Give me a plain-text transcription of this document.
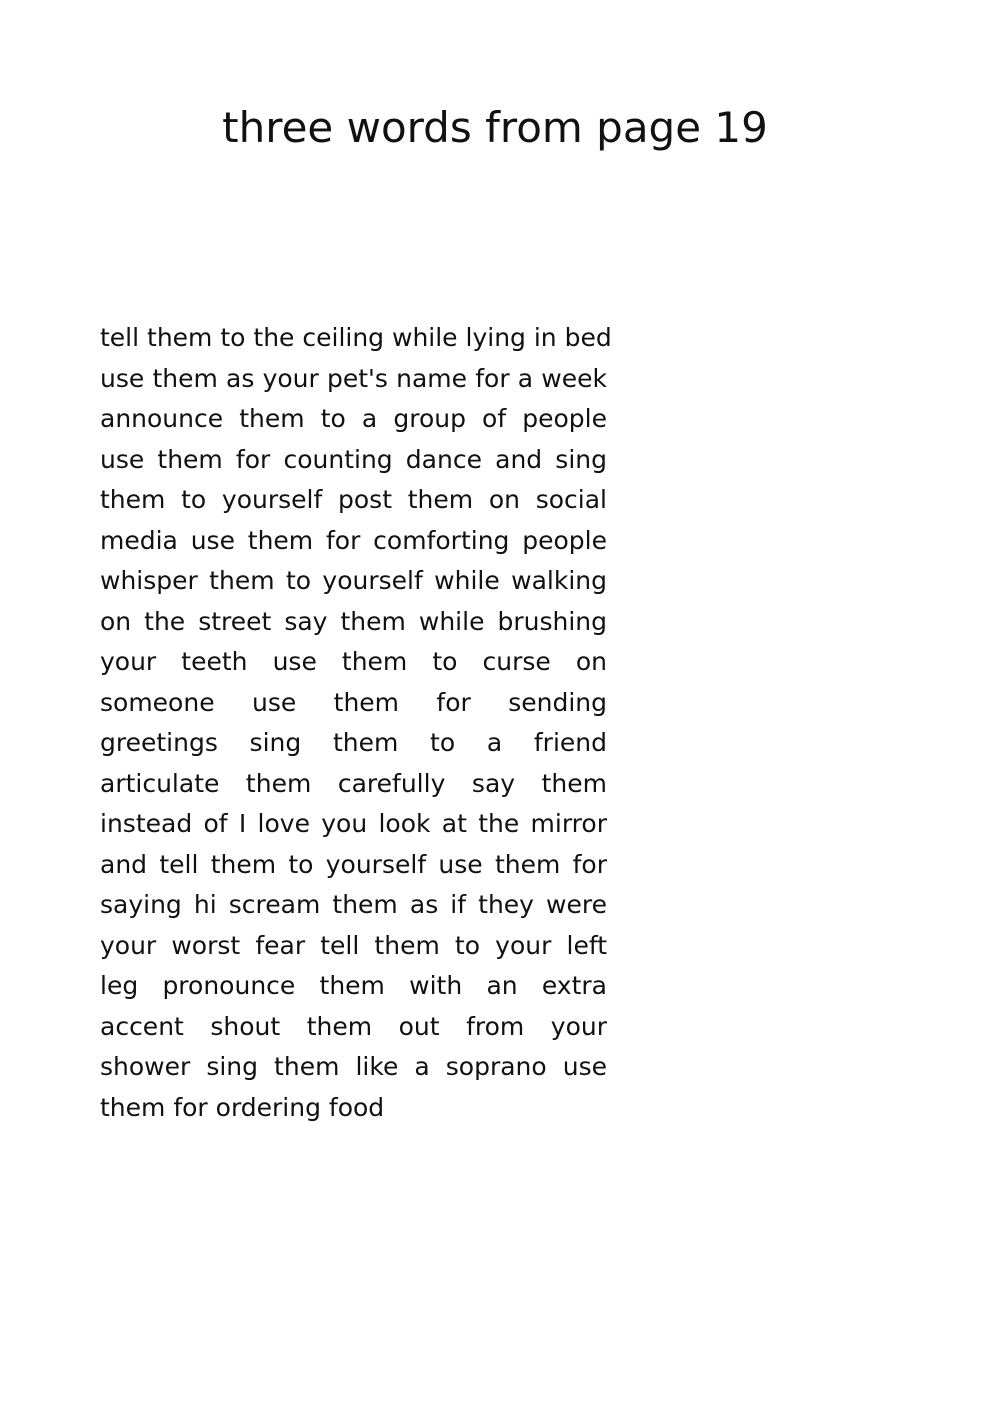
three words from page 19
tell them to the ceiling while lying in bed
use them as your pet's name for a week
announce them to a group of people
use them for counting dance and sing
them to yourself post them on social
media use them for comforting people
whisper them to yourself while walking
on the street say them while brushing
your teeth use them to curse on
someone use them for sending
greetings sing them to a friend
articulate them carefully say them
instead of I love you look at the mirror
and tell them to yourself use them for
saying hi scream them as if they were
your worst fear tell them to your left
leg pronounce them with an extra
accent shout them out from your
shower sing them like a soprano use
them for ordering food
